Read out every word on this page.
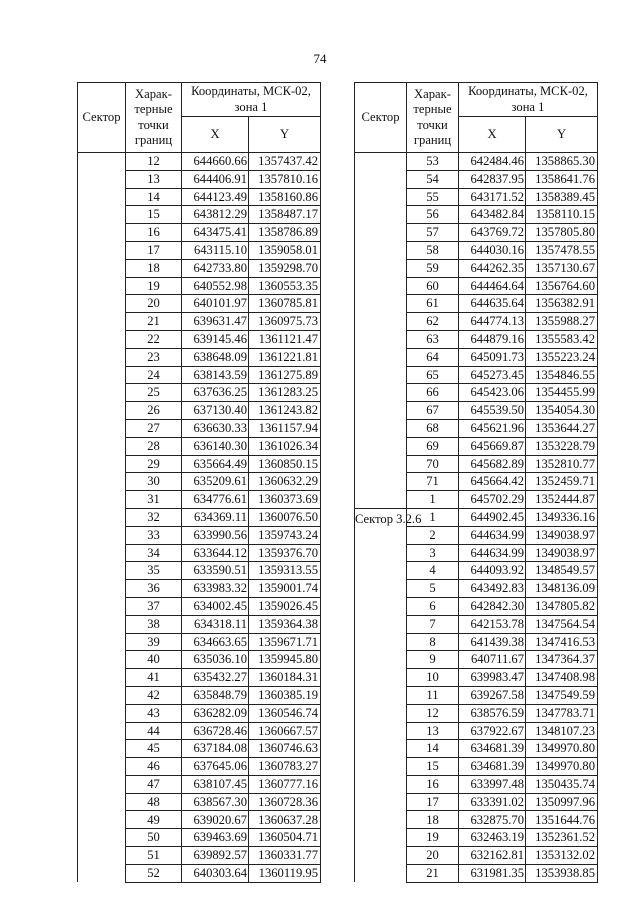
74
Сектор	Харак-терные точки границ	Координаты, МСК-02, зона 1	
		X	Y
	12	644660.66	1357437.42
	13	644406.91	1357810.16
	14	644123.49	1358160.86
	15	643812.29	1358487.17
	16	643475.41	1358786.89
	17	643115.10	1359058.01
	18	642733.80	1359298.70
	19	640552.98	1360553.35
	20	640101.97	1360785.81
	21	639631.47	1360975.73
	22	639145.46	1361121.47
	23	638648.09	1361221.81
	24	638143.59	1361275.89
	25	637636.25	1361283.25
	26	637130.40	1361243.82
	27	636630.33	1361157.94
	28	636140.30	1361026.34
	29	635664.49	1360850.15
	30	635209.61	1360632.29
	31	634776.61	1360373.69
	32	634369.11	1360076.50
	33	633990.56	1359743.24
	34	633644.12	1359376.70
	35	633590.51	1359313.55
	36	633983.32	1359001.74
	37	634002.45	1359026.45
	38	634318.11	1359364.38
	39	634663.65	1359671.71
	40	635036.10	1359945.80
	41	635432.27	1360184.31
	42	635848.79	1360385.19
	43	636282.09	1360546.74
	44	636728.46	1360667.57
	45	637184.08	1360746.63
	46	637645.06	1360783.27
	47	638107.45	1360777.16
	48	638567.30	1360728.36
	49	639020.67	1360637.28
	50	639463.69	1360504.71
	51	639892.57	1360331.77
	52	640303.64	1360119.95
Сектор	Харак-терные точки границ	Координаты, МСК-02, зона 1	
		X	Y
	53	642484.46	1358865.30
	54	642837.95	1358641.76
	55	643171.52	1358389.45
	56	643482.84	1358110.15
	57	643769.72	1357805.80
	58	644030.16	1357478.55
	59	644262.35	1357130.67
	60	644464.64	1356764.60
	61	644635.64	1356382.91
	62	644774.13	1355988.27
	63	644879.16	1355583.42
	64	645091.73	1355223.24
	65	645273.45	1354846.55
	66	645423.06	1354455.99
	67	645539.50	1354054.30
	68	645621.96	1353644.27
	69	645669.87	1353228.79
	70	645682.89	1352810.77
	71	645664.42	1352459.71
	1	645702.29	1352444.87
Сектор 3.2.6	1	644902.45	1349336.16
	2	644634.99	1349038.97
	3	644634.99	1349038.97
	4	644093.92	1348549.57
	5	643492.83	1348136.09
	6	642842.30	1347805.82
	7	642153.78	1347564.54
	8	641439.38	1347416.53
	9	640711.67	1347364.37
	10	639983.47	1347408.98
	11	639267.58	1347549.59
	12	638576.59	1347783.71
	13	637922.67	1348107.23
	14	634681.39	1349970.80
	15	634681.39	1349970.80
	16	633997.48	1350435.74
	17	633391.02	1350997.96
	18	632875.70	1351644.76
	19	632463.19	1352361.52
	20	632162.81	1353132.02
	21	631981.35	1353938.85
